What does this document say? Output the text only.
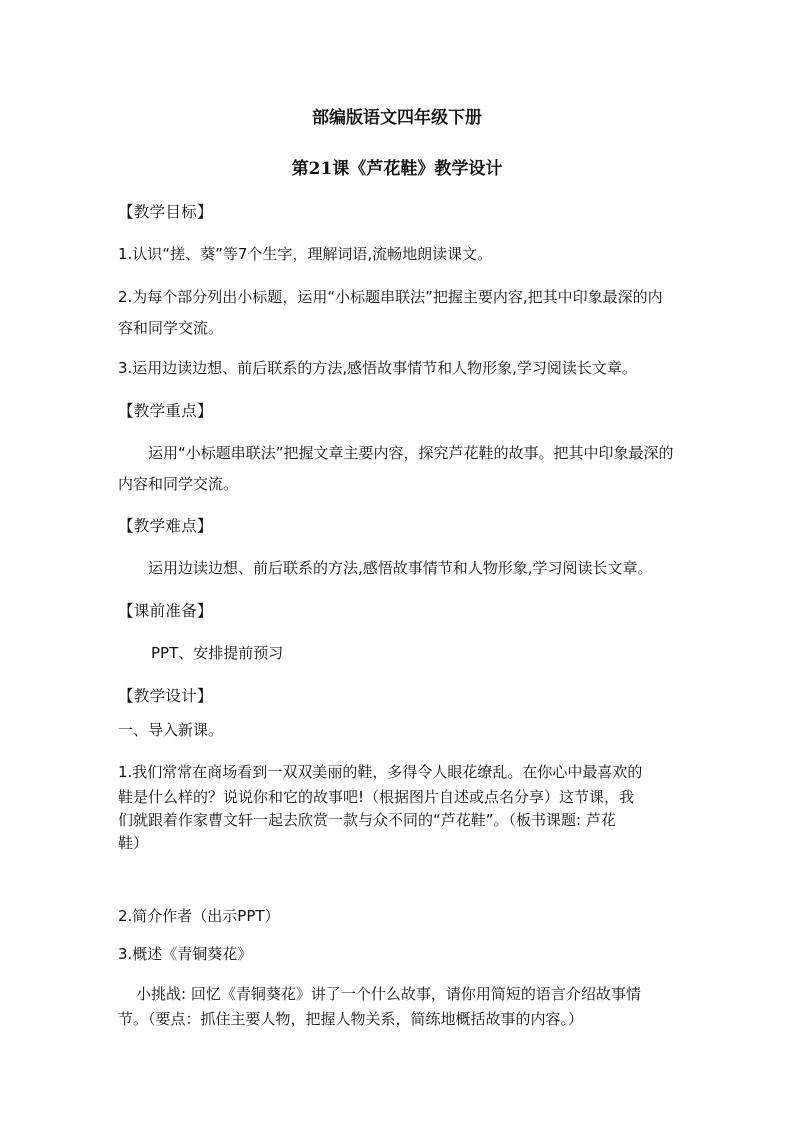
部编版语文四年级下册
第21课《芦花鞋》教学设计
【教学目标】
1.认识“搓、葵”等7个生字，理解词语,流畅地朗读课文。
2.为每个部分列出小标题，运用“小标题串联法”把握主要内容,把其中印象最深的内
容和同学交流。
3.运用边读边想、前后联系的方法,感悟故事情节和人物形象,学习阅读长文章。
【教学重点】
运用“小标题串联法”把握文章主要内容，探究芦花鞋的故事。把其中印象最深的
内容和同学交流。
【教学难点】
运用边读边想、前后联系的方法,感悟故事情节和人物形象,学习阅读长文章。
【课前准备】
PPT、安排提前预习
【教学设计】
一、导入新课。
1.我们常常在商场看到一双双美丽的鞋，多得令人眼花缭乱。在你心中最喜欢的
鞋是什么样的？说说你和它的故事吧!（根据图片自述或点名分享）这节课，我
们就跟着作家曹文轩一起去欣赏一款与众不同的“芦花鞋”。（板书课题: 芦花
鞋）
2.简介作者（出示PPT）
3.概述《青铜葵花》
小挑战: 回忆《青铜葵花》讲了一个什么故事，请你用简短的语言介绍故事情
节。（要点：抓住主要人物，把握人物关系，简练地概括故事的内容。）
